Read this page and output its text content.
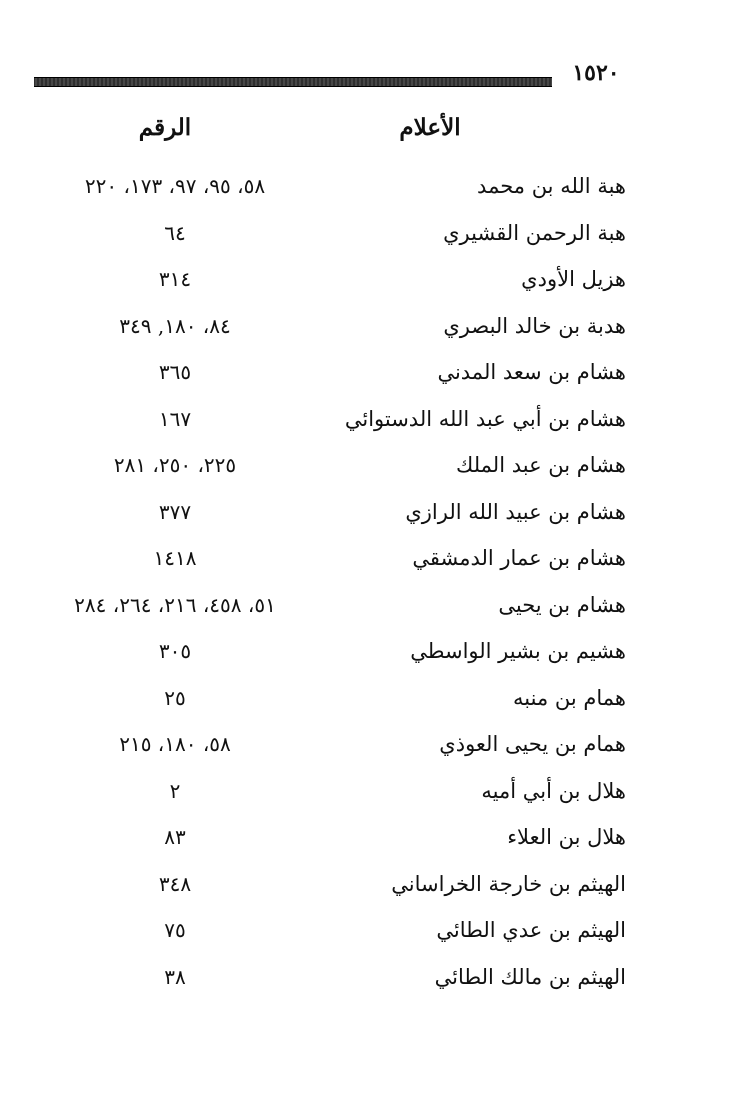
١٥٢٠
الأعلام
الرقم
هبة الله بن محمد
٥٨، ٩٥، ٩٧، ١٧٣، ٢٢٠
هبة الرحمن القشيري
٦٤
هزيل الأودي
٣١٤
هدبة بن خالد البصري
٨٤، ١٨٠, ٣٤٩
هشام بن سعد المدني
٣٦٥
هشام بن أبي عبد الله الدستوائي
١٦٧
هشام بن عبد الملك
٢٢٥، ٢٥٠، ٢٨١
هشام بن عبيد الله الرازي
٣٧٧
هشام بن عمار الدمشقي
١٤١٨
هشام بن يحيى
٥١، ٤٥٨، ٢١٦، ٢٦٤، ٢٨٤
هشيم بن بشير الواسطي
٣٠٥
همام بن منبه
٢٥
همام بن يحيى العوذي
٥٨، ١٨٠، ٢١٥
هلال بن أبي أميه
٢
هلال بن العلاء
٨٣
الهيثم بن خارجة الخراساني
٣٤٨
الهيثم بن عدي الطائي
٧٥
الهيثم بن مالك الطائي
٣٨
